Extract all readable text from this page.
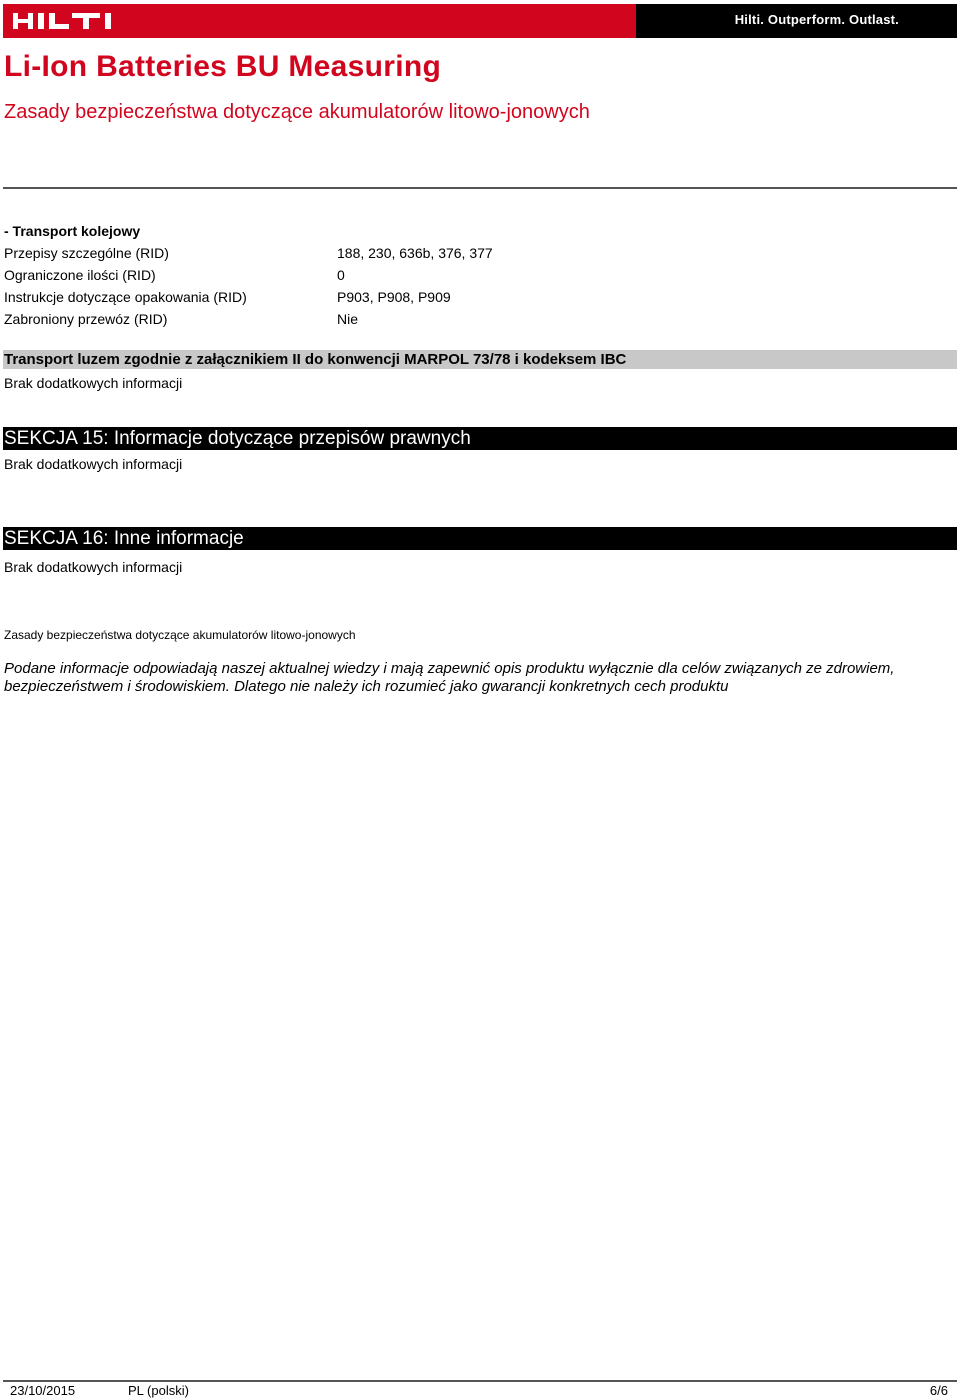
Hilti. Outperform. Outlast.
Li-Ion Batteries BU Measuring
Zasady bezpieczeństwa dotyczące akumulatorów litowo-jonowych
- Transport kolejowy
Przepisy szczególne (RID)	188, 230, 636b, 376, 377
Ograniczone ilości (RID)	0
Instrukcje dotyczące opakowania (RID)	P903, P908, P909
Zabroniony przewóz (RID)	Nie
Transport luzem zgodnie z załącznikiem II do konwencji MARPOL 73/78 i kodeksem IBC
Brak dodatkowych informacji
SEKCJA 15: Informacje dotyczące przepisów prawnych
Brak dodatkowych informacji
SEKCJA 16: Inne informacje
Brak dodatkowych informacji
Zasady bezpieczeństwa dotyczące akumulatorów litowo-jonowych

Podane informacje odpowiadają naszej aktualnej wiedzy i mają zapewnić opis produktu wyłącznie dla celów związanych ze zdrowiem, bezpieczeństwem i środowiskiem. Dlatego nie należy ich rozumieć jako gwarancji konkretnych cech produktu

23/10/2015	PL (polski)	6/6
